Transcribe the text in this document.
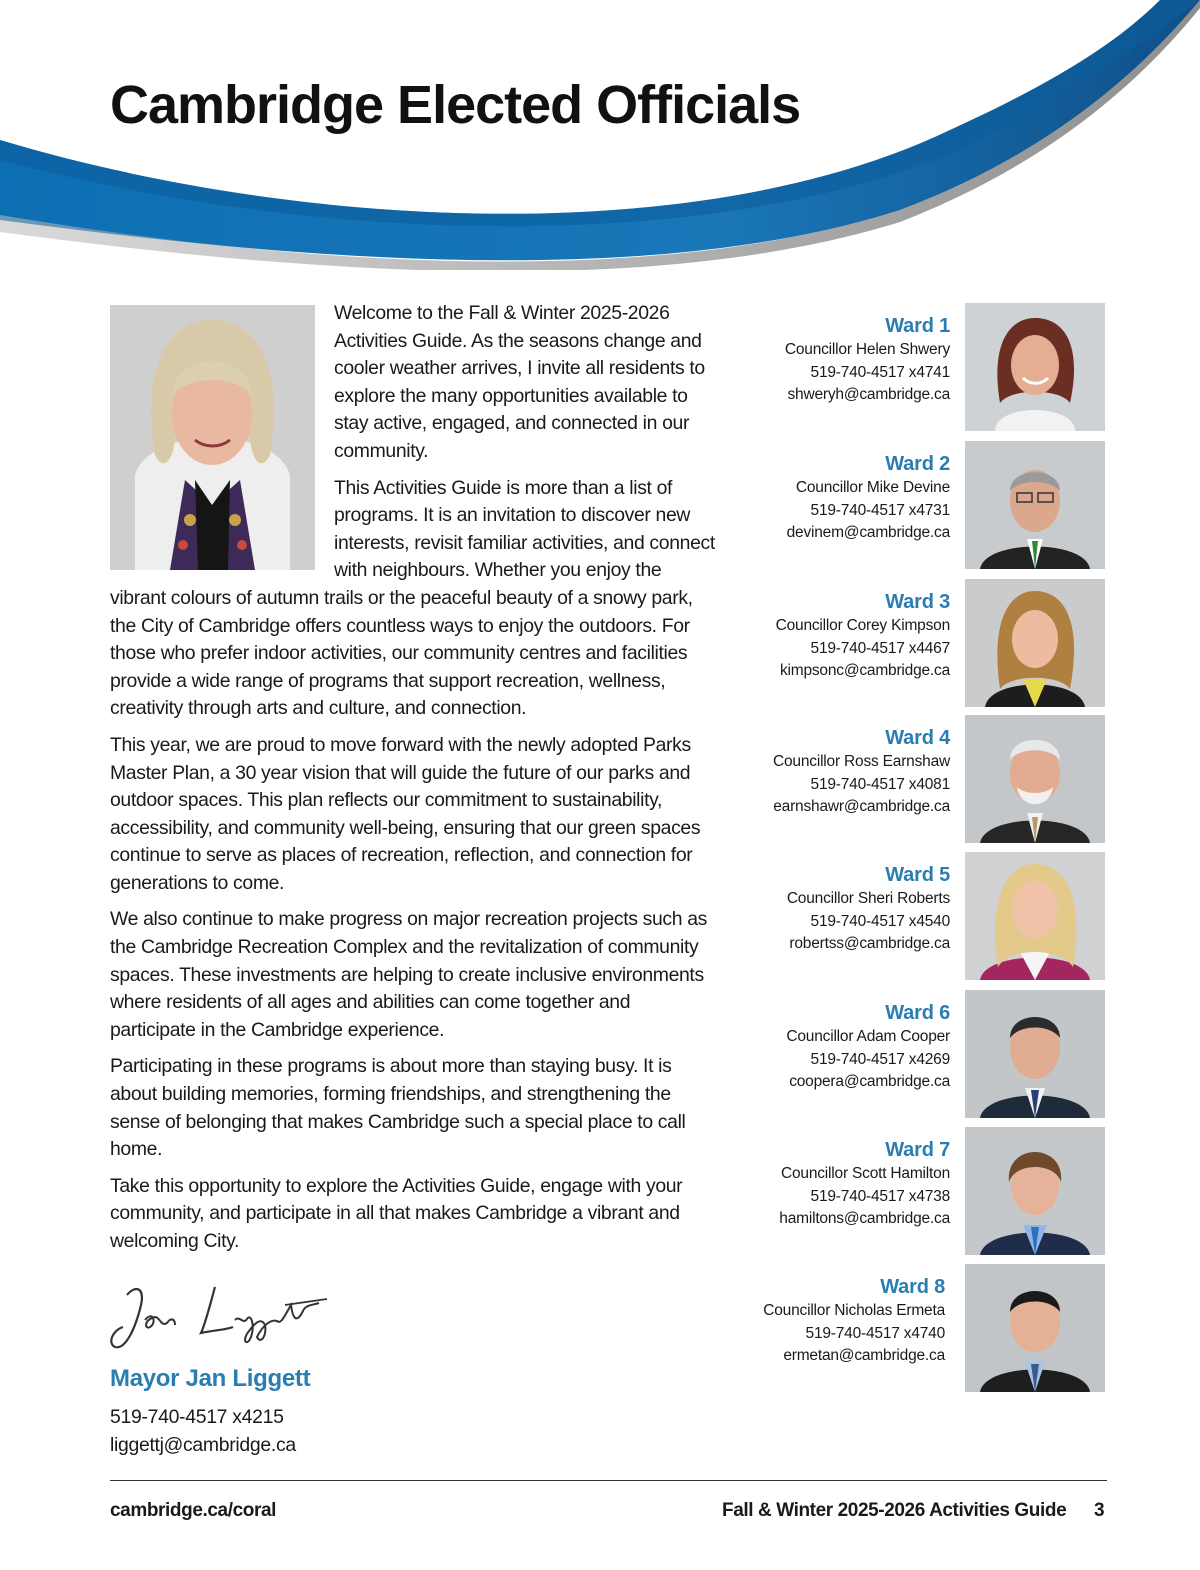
Cambridge Elected Officials

Welcome to the Fall & Winter 2025-2026 Activities Guide. As the seasons change and cooler weather arrives, I invite all residents to explore the many opportunities available to stay active, engaged, and connected in our community.

This Activities Guide is more than a list of programs. It is an invitation to discover new interests, revisit familiar activities, and connect with neighbours. Whether you enjoy the vibrant colours of autumn trails or the peaceful beauty of a snowy park, the City of Cambridge offers countless ways to enjoy the outdoors. For those who prefer indoor activities, our community centres and facilities provide a wide range of programs that support recreation, wellness, creativity through arts and culture, and connection.

This year, we are proud to move forward with the newly adopted Parks Master Plan, a 30 year vision that will guide the future of our parks and outdoor spaces. This plan reflects our commitment to sustainability, accessibility, and community well-being, ensuring that our green spaces continue to serve as places of recreation, reflection, and connection for generations to come.

We also continue to make progress on major recreation projects such as the Cambridge Recreation Complex and the revitalization of community spaces. These investments are helping to create inclusive environments where residents of all ages and abilities can come together and participate in the Cambridge experience.

Participating in these programs is about more than staying busy. It is about building memories, forming friendships, and strengthening the sense of belonging that makes Cambridge such a special place to call home.

Take this opportunity to explore the Activities Guide, engage with your community, and participate in all that makes Cambridge a vibrant and welcoming City.

Mayor Jan Liggett
519-740-4517 x4215
liggettj@cambridge.ca
Ward 1
Councillor Helen Shwery
519-740-4517 x4741
shweryh@cambridge.ca
Ward 2
Councillor Mike Devine
519-740-4517 x4731
devinem@cambridge.ca
Ward 3
Councillor Corey Kimpson
519-740-4517 x4467
kimpsonc@cambridge.ca
Ward 4
Councillor Ross Earnshaw
519-740-4517 x4081
earnshawr@cambridge.ca
Ward 5
Councillor Sheri Roberts
519-740-4517 x4540
robertss@cambridge.ca
Ward 6
Councillor Adam Cooper
519-740-4517 x4269
coopera@cambridge.ca
Ward 7
Councillor Scott Hamilton
519-740-4517 x4738
hamiltons@cambridge.ca
Ward 8
Councillor Nicholas Ermeta
519-740-4517 x4740
ermetan@cambridge.ca
cambridge.ca/coral	Fall & Winter 2025-2026 Activities Guide 3
